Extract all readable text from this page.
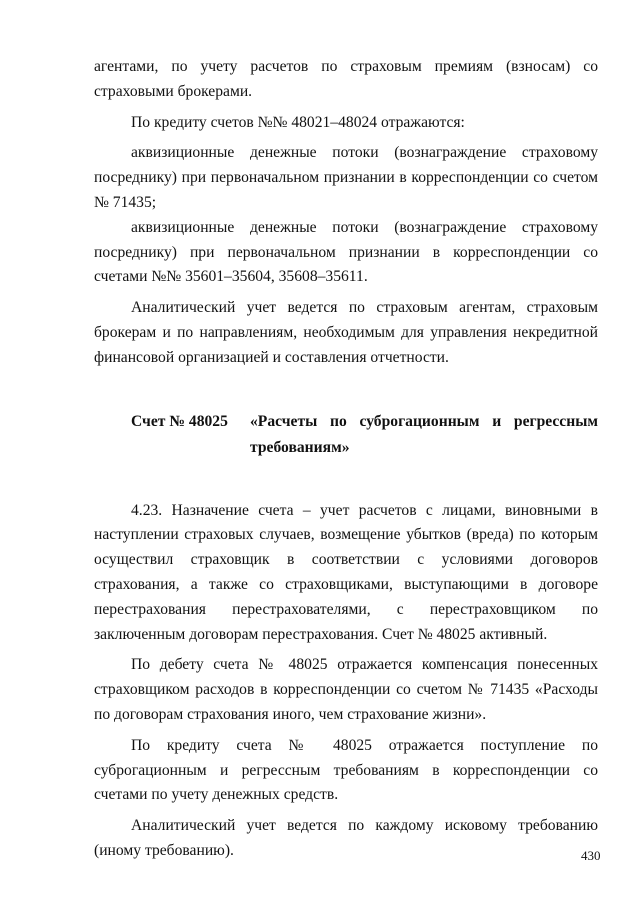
агентами, по учету расчетов по страховым премиям (взносам) со страховыми брокерами.

По кредиту счетов №№ 48021–48024 отражаются:

аквизиционные денежные потоки (вознаграждение страховому посреднику) при первоначальном признании в корреспонденции со счетом № 71435;

аквизиционные денежные потоки (вознаграждение страховому посреднику) при первоначальном признании в корреспонденции со счетами №№ 35601–35604, 35608–35611.

Аналитический учет ведется по страховым агентам, страховым брокерам и по направлениям, необходимым для управления некредитной финансовой организацией и составления отчетности.

Счет № 48025	«Расчеты по суброгационным и регрессным требованиям»

4.23. Назначение счета – учет расчетов с лицами, виновными в наступлении страховых случаев, возмещение убытков (вреда) по которым осуществил страховщик в соответствии с условиями договоров страхования, а также со страховщиками, выступающими в договоре перестрахования перестрахователями, с перестраховщиком по заключенным договорам перестрахования. Счет № 48025 активный.

По дебету счета № 48025 отражается компенсация понесенных страховщиком расходов в корреспонденции со счетом № 71435 «Расходы по договорам страхования иного, чем страхование жизни».

По кредиту счета № 48025 отражается поступление по суброгационным и регрессным требованиям в корреспонденции со счетами по учету денежных средств.

Аналитический учет ведется по каждому исковому требованию (иному требованию).	430
